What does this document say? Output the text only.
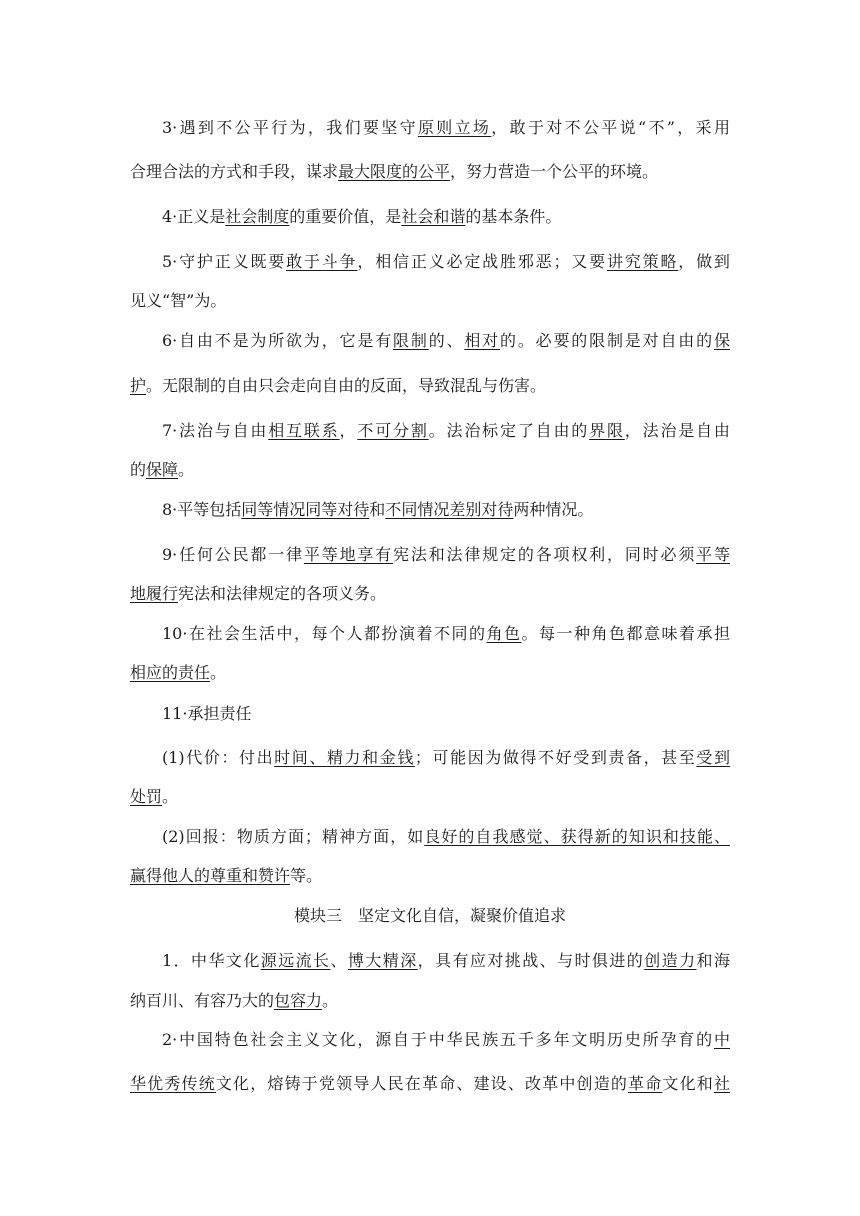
3·遇到不公平行为，我们要坚守原则立场，敢于对不公平说“不”，采用
合理合法的方式和手段，谋求最大限度的公平，努力营造一个公平的环境。
4·正义是社会制度的重要价值，是社会和谐的基本条件。
5·守护正义既要敢于斗争，相信正义必定战胜邪恶；又要讲究策略，做到
见义“智”为。
6·自由不是为所欲为，它是有限制的、相对的。必要的限制是对自由的保
护。无限制的自由只会走向自由的反面，导致混乱与伤害。
7·法治与自由相互联系，不可分割。法治标定了自由的界限，法治是自由
的保障。
8·平等包括同等情况同等对待和不同情况差别对待两种情况。
9·任何公民都一律平等地享有宪法和法律规定的各项权利，同时必须平等
地履行宪法和法律规定的各项义务。
10·在社会生活中，每个人都扮演着不同的角色。每一种角色都意味着承担
相应的责任。
11·承担责任
(1)代价：付出时间、精力和金钱；可能因为做得不好受到责备，甚至受到
处罚。
(2)回报：物质方面；精神方面，如良好的自我感觉、获得新的知识和技能、
赢得他人的尊重和赞许等。
模块三　坚定文化自信，凝聚价值追求
1．中华文化源远流长、博大精深，具有应对挑战、与时俱进的创造力和海
纳百川、有容乃大的包容力。
2·中国特色社会主义文化，源自于中华民族五千多年文明历史所孕育的中
华优秀传统文化，熔铸于党领导人民在革命、建设、改革中创造的革命文化和社
